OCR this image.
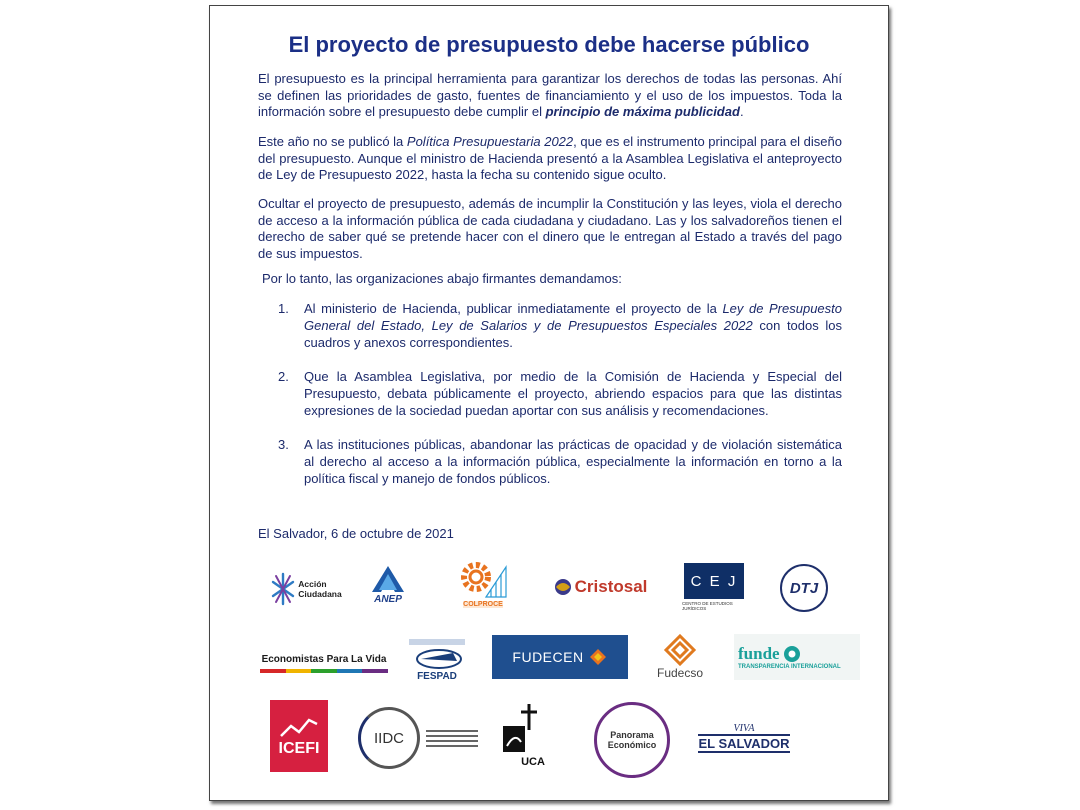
El proyecto de presupuesto debe hacerse público

El presupuesto es la principal herramienta para garantizar los derechos de todas las personas. Ahí se definen las prioridades de gasto, fuentes de financiamiento y el uso de los impuestos. Toda la información sobre el presupuesto debe cumplir el principio de máxima publicidad.

Este año no se publicó la Política Presupuestaria 2022, que es el instrumento principal para el diseño del presupuesto. Aunque el ministro de Hacienda presentó a la Asamblea Legislativa el anteproyecto de Ley de Presupuesto 2022, hasta la fecha su contenido sigue oculto.

Ocultar el proyecto de presupuesto, además de incumplir la Constitución y las leyes, viola el derecho de acceso a la información pública de cada ciudadana y ciudadano. Las y los salvadoreños tienen el derecho de saber qué se pretende hacer con el dinero que le entregan al Estado a través del pago de sus impuestos.

Por lo tanto, las organizaciones abajo firmantes demandamos:

1. Al ministerio de Hacienda, publicar inmediatamente el proyecto de la Ley de Presupuesto General del Estado, Ley de Salarios y de Presupuestos Especiales 2022 con todos los cuadros y anexos correspondientes.
2. Que la Asamblea Legislativa, por medio de la Comisión de Hacienda y Especial del Presupuesto, debata públicamente el proyecto, abriendo espacios para que las distintas expresiones de la sociedad puedan aportar con sus análisis y recomendaciones.
3. A las instituciones públicas, abandonar las prácticas de opacidad y de violación sistemática al derecho al acceso a la información pública, especialmente la información en torno a la política fiscal y manejo de fondos públicos.

El Salvador, 6 de octubre de 2021

Acción
Ciudadana	ANEP	COLPROCE
Cristosal	C E J
CENTRO DE ESTUDIOS JURÍDICOS
DTJ
Economistas Para La Vida
FESPAD
FUDECEN
Fudecso
funde
TRANSPARENCIA INTERNACIONAL
ICEFI
IIDC
UCA
Panorama
Económico
VIVA
EL SALVADOR
